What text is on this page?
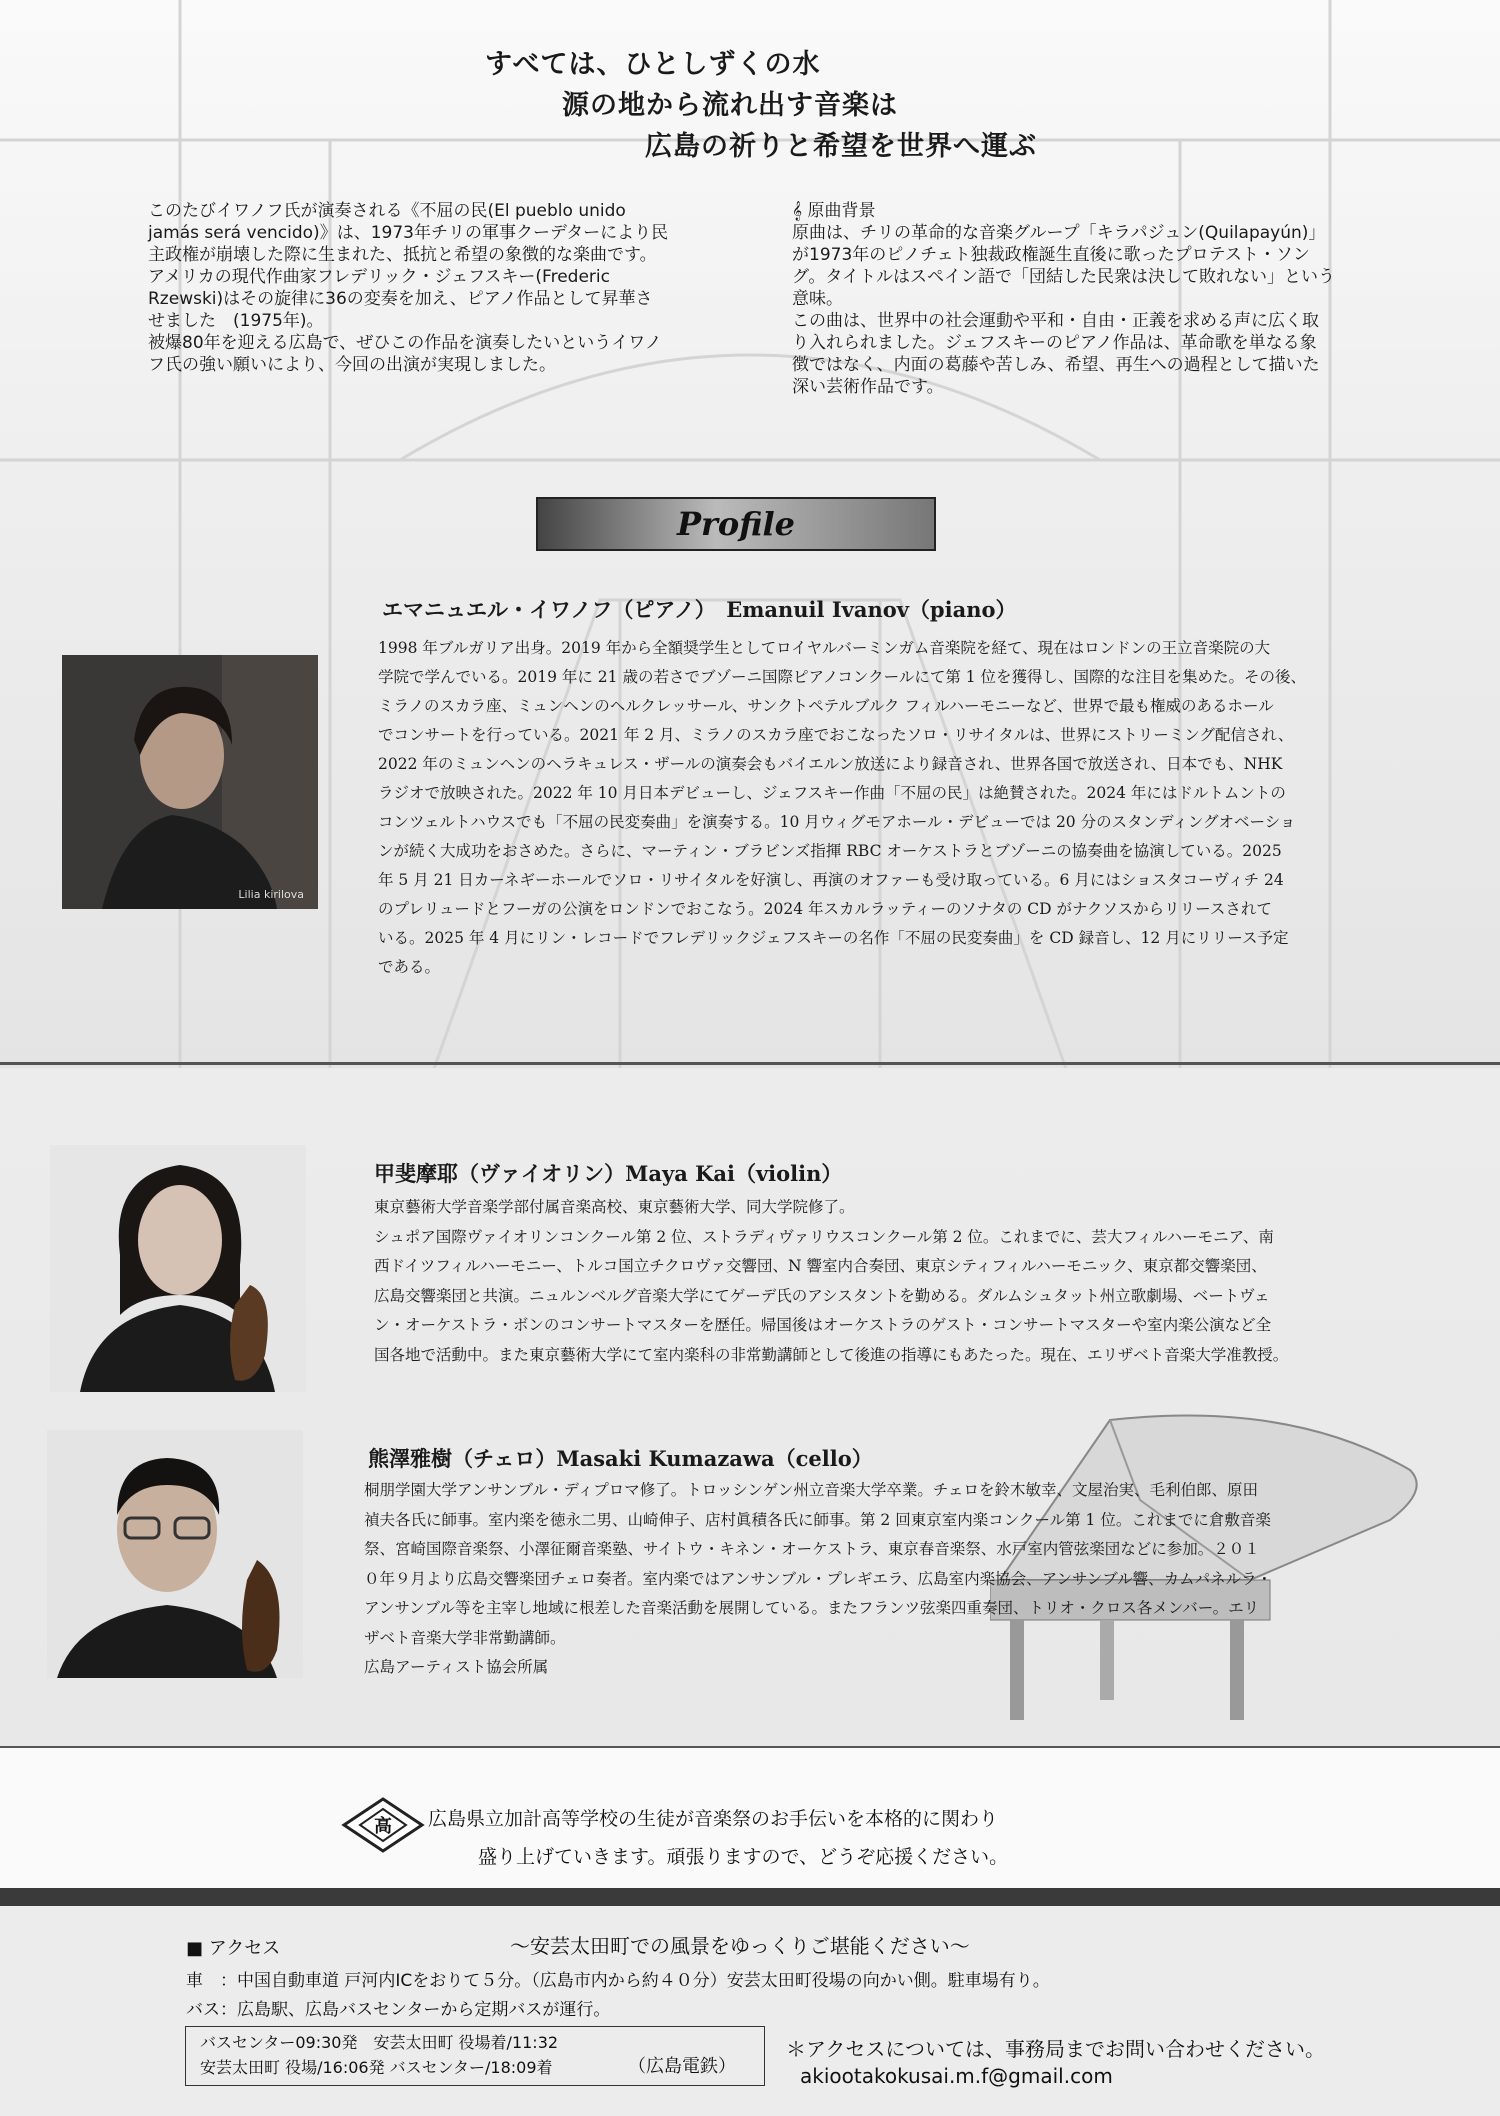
すべては、ひとしずくの水
源の地から流れ出す音楽は
広島の祈りと希望を世界へ運ぶ

このたびイワノフ氏が演奏される《不屈の民(El pueblo unido

jamás será vencido)》は、1973年チリの軍事クーデターにより民

主政権が崩壊した際に生まれた、抵抗と希望の象徴的な楽曲です。

アメリカの現代作曲家フレデリック・ジェフスキー(Frederic

Rzewski)はその旋律に36の変奏を加え、ピアノ作品として昇華さ

せました　(1975年)。

被爆80年を迎える広島で、ぜひこの作品を演奏したいというイワノ

フ氏の強い願いにより、今回の出演が実現しました。

𝄞 原曲背景

原曲は、チリの革命的な音楽グループ「キラパジュン(Quilapayún)」

が1973年のピノチェト独裁政権誕生直後に歌ったプロテスト・ソン

グ。タイトルはスペイン語で「団結した民衆は決して敗れない」という

意味。

この曲は、世界中の社会運動や平和・自由・正義を求める声に広く取

り入れられました。ジェフスキーのピアノ作品は、革命歌を単なる象

徴ではなく、内面の葛藤や苦しみ、希望、再生への過程として描いた

深い芸術作品です。

Profile
エマニュエル・イワノフ（ピアノ）　Emanuil Ivanov（piano）
Lilia kirilova

1998 年ブルガリア出身。2019 年から全額奨学生としてロイヤルバーミンガム音楽院を経て、現在はロンドンの王立音楽院の大

学院で学んでいる。2019 年に 21 歳の若さでブゾーニ国際ピアノコンクールにて第 1 位を獲得し、国際的な注目を集めた。その後、

ミラノのスカラ座、ミュンヘンのヘルクレッサール、サンクトペテルブルク フィルハーモニーなど、世界で最も権威のあるホール

でコンサートを行っている。2021 年 2 月、ミラノのスカラ座でおこなったソロ・リサイタルは、世界にストリーミング配信され、

2022 年のミュンヘンのヘラキュレス・ザールの演奏会もバイエルン放送により録音され、世界各国で放送され、日本でも、NHK

ラジオで放映された。2022 年 10 月日本デビューし、ジェフスキー作曲「不屈の民」は絶賛された。2024 年にはドルトムントの

コンツェルトハウスでも「不屈の民変奏曲」を演奏する。10 月ウィグモアホール・デビューでは 20 分のスタンディングオベーショ

ンが続く大成功をおさめた。さらに、マーティン・ブラビンズ指揮 RBC オーケストラとブゾーニの協奏曲を協演している。2025

年 5 月 21 日カーネギーホールでソロ・リサイタルを好演し、再演のオファーも受け取っている。6 月にはショスタコーヴィチ 24

のプレリュードとフーガの公演をロンドンでおこなう。2024 年スカルラッティーのソナタの CD がナクソスからリリースされて

いる。2025 年 4 月にリン・レコードでフレデリックジェフスキーの名作「不屈の民変奏曲」を CD 録音し、12 月にリリース予定

である。

甲斐摩耶（ヴァイオリン）Maya Kai（violin）

東京藝術大学音楽学部付属音楽高校、東京藝術大学、同大学院修了。

シュポア国際ヴァイオリンコンクール第 2 位、ストラディヴァリウスコンクール第 2 位。これまでに、芸大フィルハーモニア、南

西ドイツフィルハーモニー、トルコ国立チクロヴァ交響団、N 響室内合奏団、東京シティフィルハーモニック、東京都交響楽団、

広島交響楽団と共演。ニュルンベルグ音楽大学にてゲーデ氏のアシスタントを勤める。ダルムシュタット州立歌劇場、ベートヴェ

ン・オーケストラ・ボンのコンサートマスターを歴任。帰国後はオーケストラのゲスト・コンサートマスターや室内楽公演など全

国各地で活動中。また東京藝術大学にて室内楽科の非常勤講師として後進の指導にもあたった。現在、エリザベト音楽大学准教授。

熊澤雅樹（チェロ）Masaki Kumazawa（cello）

桐朋学園大学アンサンブル・ディプロマ修了。トロッシンゲン州立音楽大学卒業。チェロを鈴木敏幸、文屋治実、毛利伯郎、原田

禎夫各氏に師事。室内楽を徳永二男、山崎伸子、店村眞積各氏に師事。第 2 回東京室内楽コンクール第 1 位。これまでに倉敷音楽

祭、宮崎国際音楽祭、小澤征爾音楽塾、サイトウ・キネン・オーケストラ、東京春音楽祭、水戸室内管弦楽団などに参加。２０１

０年９月より広島交響楽団チェロ奏者。室内楽ではアンサンブル・プレギエラ、広島室内楽協会、アンサンブル響、カムパネルラ・

アンサンブル等を主宰し地域に根差した音楽活動を展開している。またフランツ弦楽四重奏団、トリオ・クロス各メンバー。エリ

ザベト音楽大学非常勤講師。

広島アーティスト協会所属

高 広島県立加計高等学校の生徒が音楽祭のお手伝いを本格的に関わり
盛り上げていきます。頑張りますので、どうぞ応援ください。
■ アクセス	～安芸太田町での風景をゆっくりご堪能ください～
車　：中国自動車道 戸河内ICをおりて５分。（広島市内から約４０分）安芸太田町役場の向かい側。駐車場有り。
バス：広島駅、広島バスセンターから定期バスが運行。
バスセンター09:30発　安芸太田町 役場着/11:32
安芸太田町 役場/16:06発 バスセンター/18:09着	（広島電鉄）
＊アクセスについては、事務局までお問い合わせください。
akiootakokusai.m.f@gmail.com
